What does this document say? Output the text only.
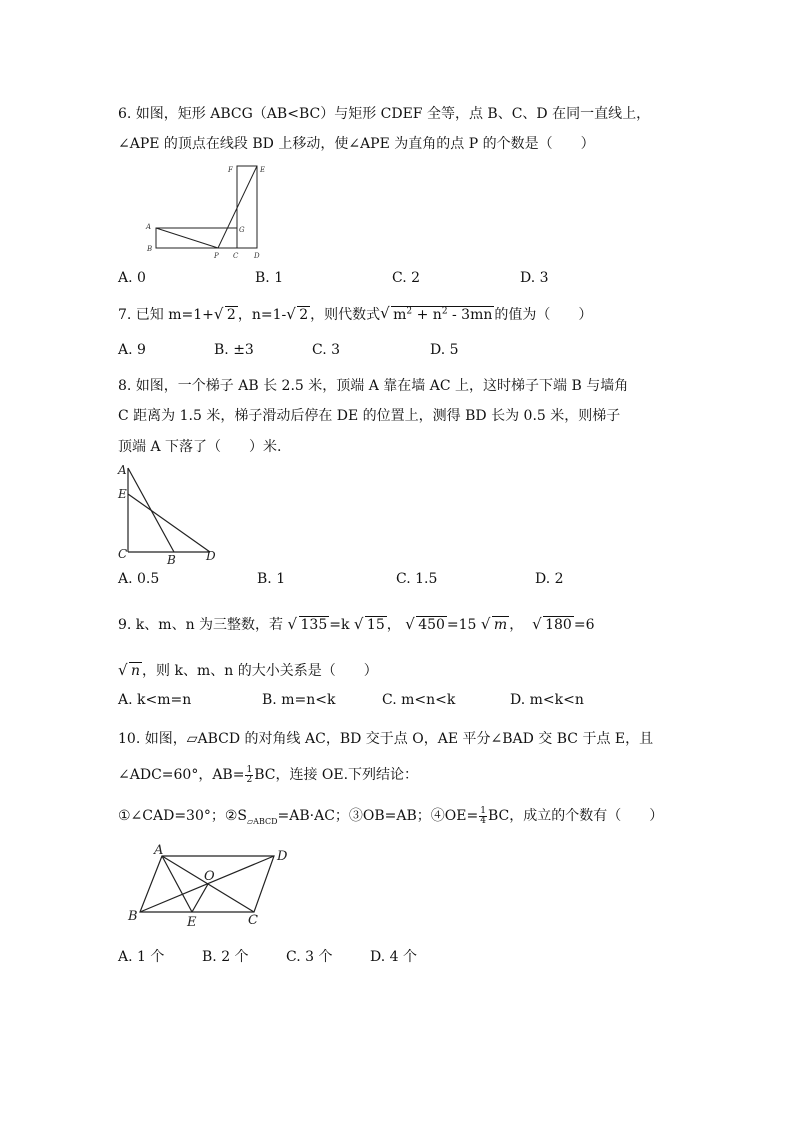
6. 如图，矩形 ABCG（AB<BC）与矩形 CDEF 全等，点 B、C、D 在同一直线上，
∠APE 的顶点在线段 BD 上移动，使∠APE 为直角的点 P 的个数是（　　）
A
B
P C D
G
F	E
A. 0	B. 1	C. 2	D. 3
7. 已知 m=1+ √ 2 ，n=1- √ 2 ，则代数式 √ $m^2 + n^2 - 3mn$ 的值为（　　）
A. 9	B. ±3	C. 3	D. 5
8. 如图，一个梯子 AB 长 2.5 米，顶端 A 靠在墙 AC 上，这时梯子下端 B 与墙角
C 距离为 1.5 米，梯子滑动后停在 DE 的位置上，测得 BD 长为 0.5 米，则梯子
顶端 A 下落了（　　）米.
A
E
C	B	D
A. 0.5	B. 1	C. 1.5	D. 2
9. k、m、n 为三整数，若 √ 135 =k √ 15 ， √ 450 =15 √ m ， √ 180 =6
√ n ，则 k、m、n 的大小关系是（　　）
A. k<m=n	B. m=n<k	C. m<n<k	D. m<k<n
10. 如图，▱ABCD 的对角线 AC，BD 交于点 O，AE 平分∠BAD 交 BC 于点 E，且
∠ADC=60°，$AB= \frac{1}{2}$ BC，连接 OE.下列结论：
①∠CAD=30°；$②S_{▱ABCD}=AB\cdot AC$；③OB=AB；④OE= $\frac{1}{4}$ BC，成立的个数有（　　）
A	D
O
B	E	C
A. 1 个	B. 2 个	C. 3 个	D. 4 个
